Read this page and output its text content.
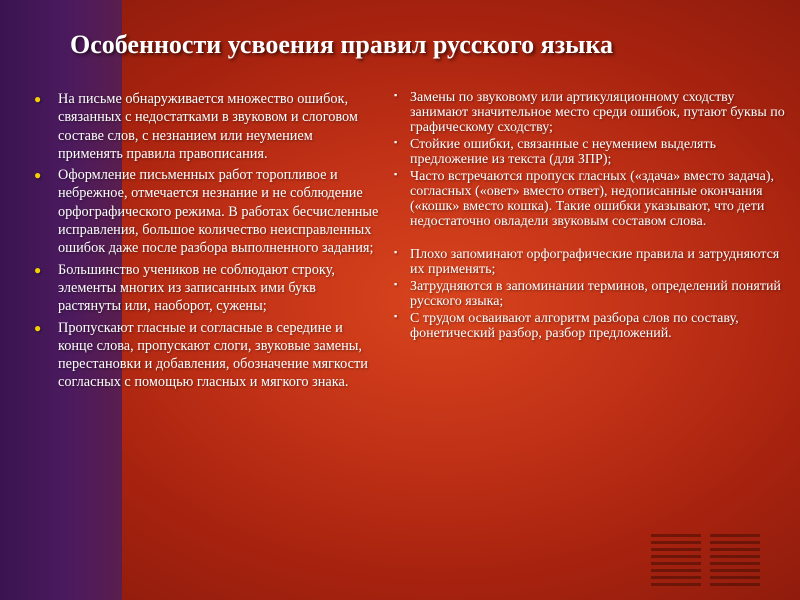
Особенности усвоения правил русского языка
● На письме обнаруживается множество ошибок, связанных с недостатками в звуковом и слоговом составе слов, с незнанием или неумением применять правила правописания.
● Оформление письменных работ торопливое и небрежное, отмечается незнание и не соблюдение орфографического режима. В работах бесчисленные исправления, большое количество неисправленных ошибок даже после разбора выполненного задания;
● Большинство учеников не соблюдают строку, элементы многих из записанных ими букв растянуты или, наоборот, сужены;
● Пропускают гласные и согласные в середине и конце слова, пропускают слоги, звуковые замены, перестановки и добавления, обозначение мягкости согласных с помощью гласных и мягкого знака.
▪ Замены по звуковому или артикуляционному сходству занимают значительное место среди ошибок, путают буквы по графическому сходству;
▪ Стойкие ошибки, связанные с неумением выделять предложение из текста (для ЗПР);
▪ Часто встречаются пропуск гласных («здача» вместо задача), согласных («овет» вместо ответ), недописанные окончания («кошк» вместо кошка). Такие ошибки указывают, что дети недостаточно овладели звуковым составом слова.
▪ Плохо запоминают орфографические правила и затрудняются их применять;
▪ Затрудняются в запоминании терминов, определений понятий русского языка;
▪ С трудом осваивают алгоритм разбора слов по составу, фонетический разбор, разбор предложений.
